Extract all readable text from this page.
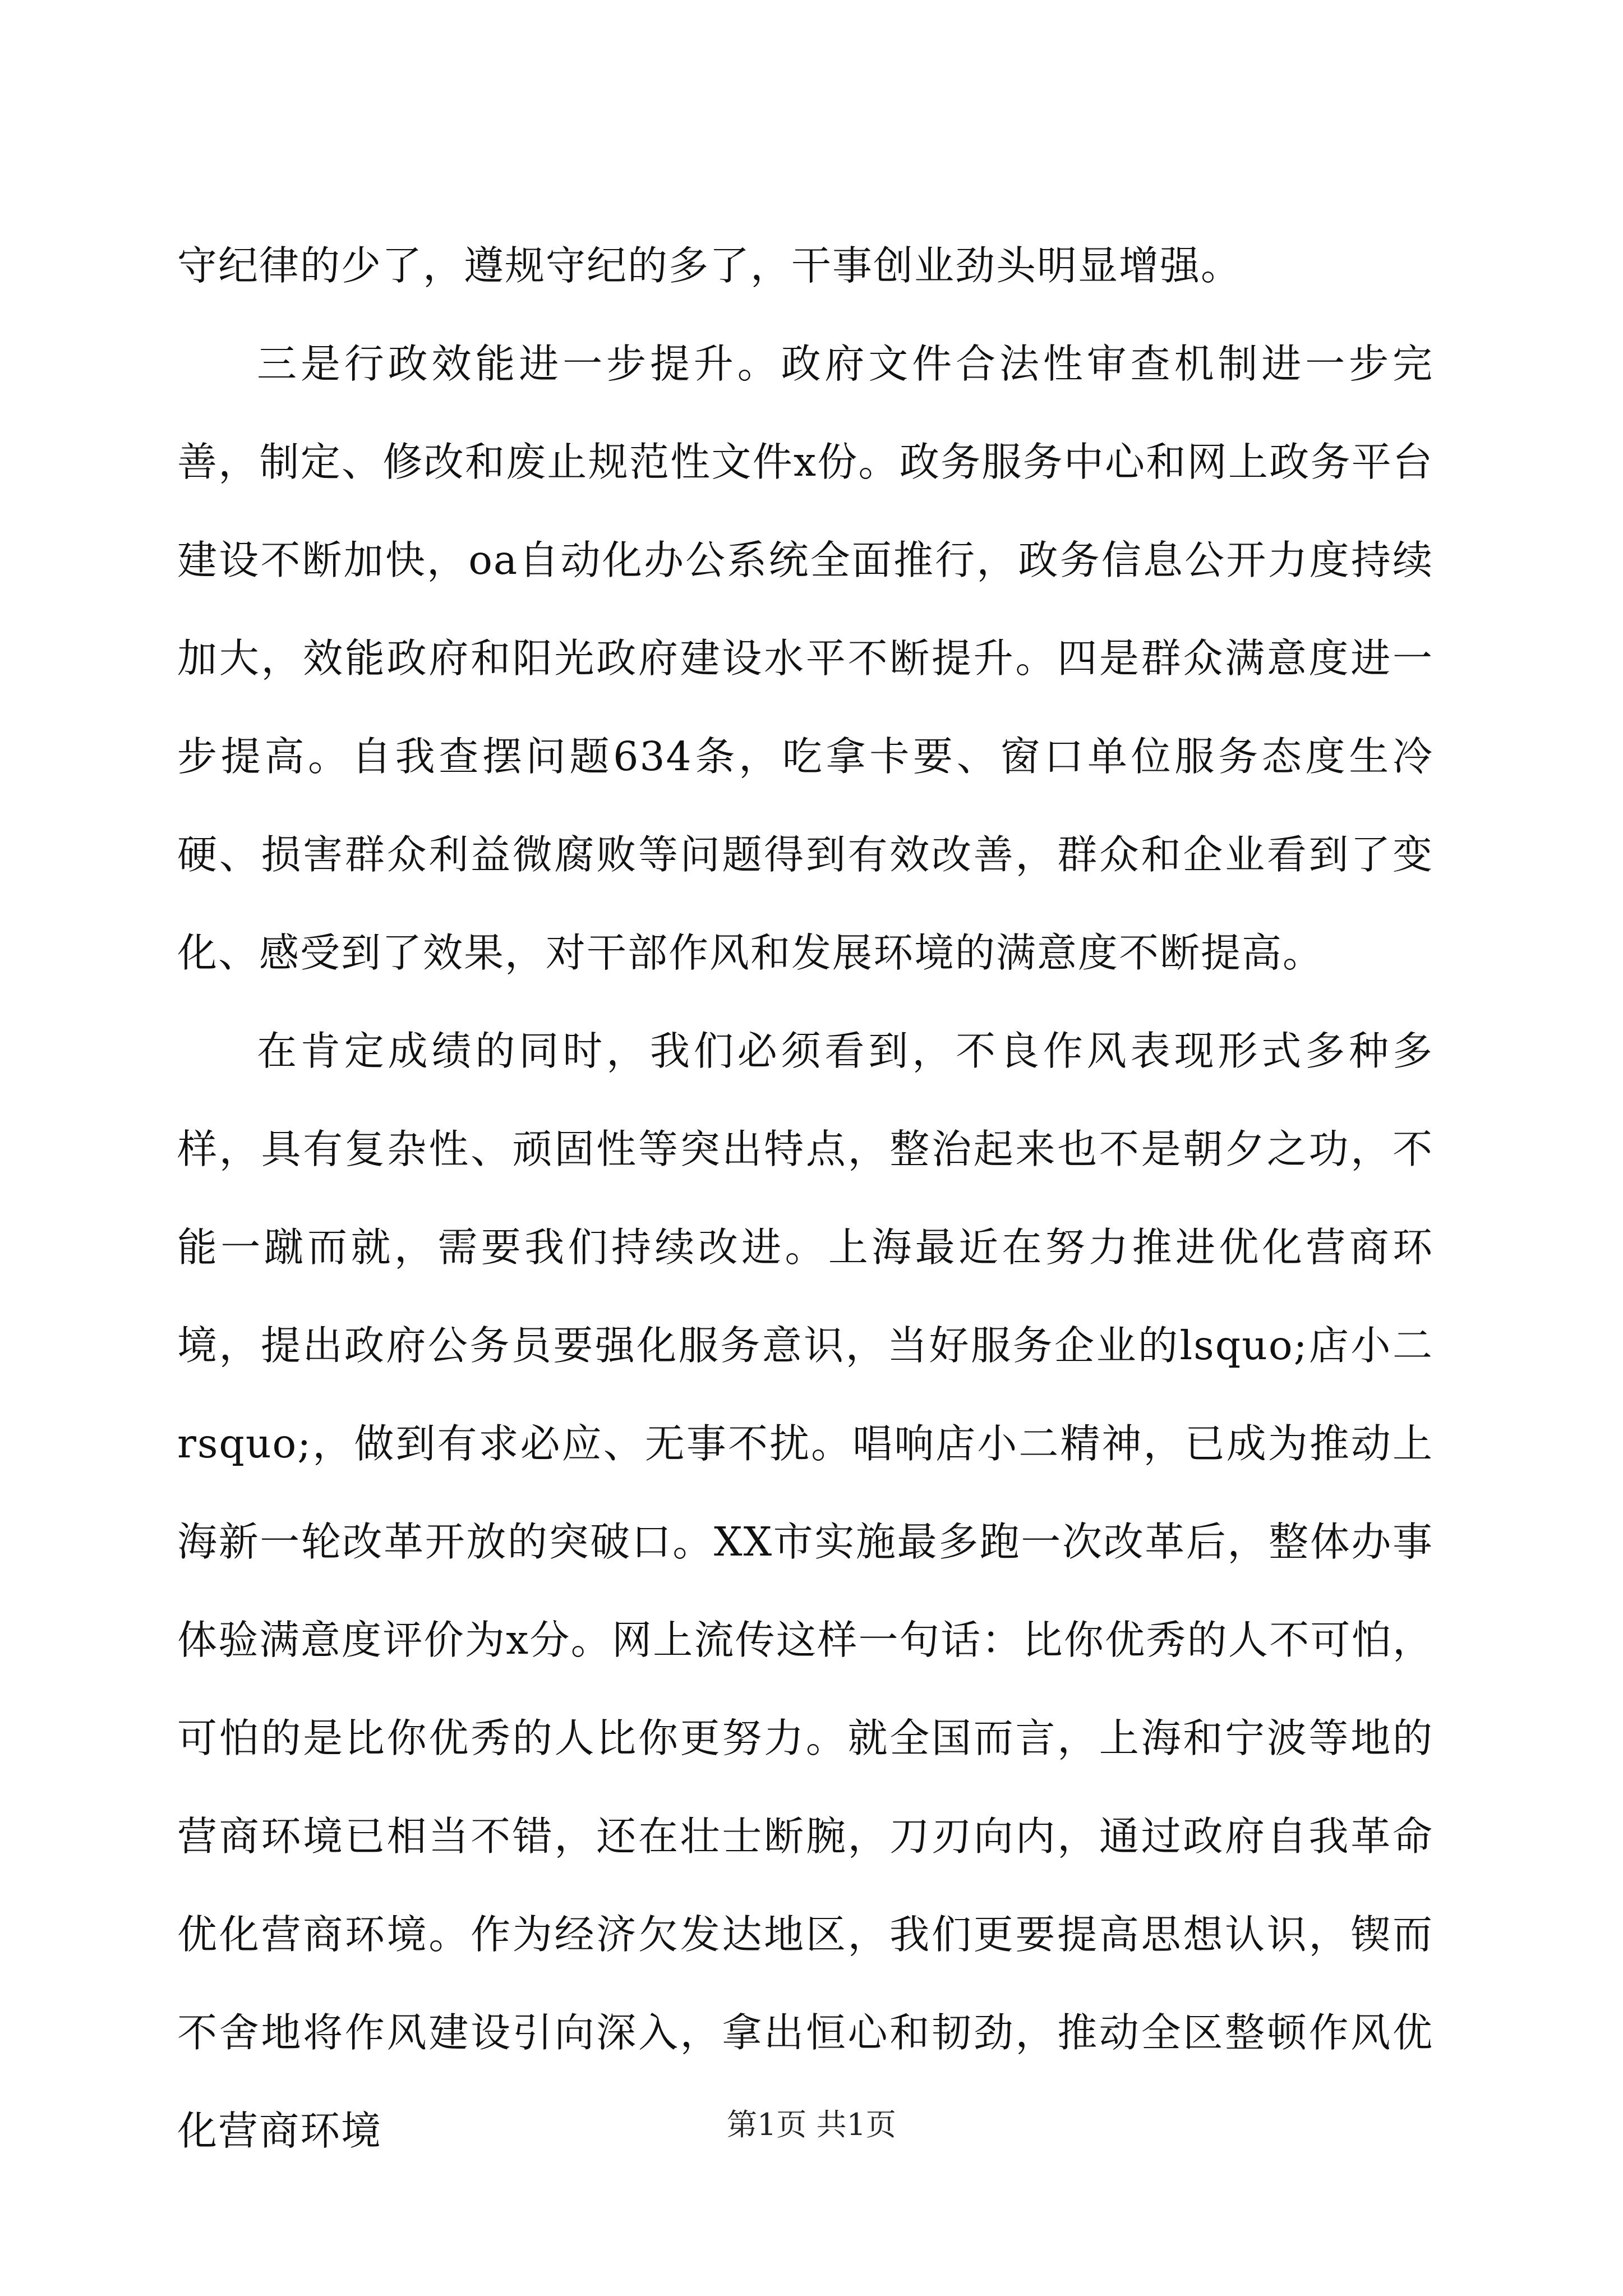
守纪律的少了，遵规守纪的多了，干事创业劲头明显增强。

三是行政效能进一步提升。政府文件合法性审查机制进一步完善，制定、修改和废止规范性文件x份。政务服务中心和网上政务平台建设不断加快，oa自动化办公系统全面推行，政务信息公开力度持续加大，效能政府和阳光政府建设水平不断提升。四是群众满意度进一步提高。自我查摆问题634条，吃拿卡要、窗口单位服务态度生冷硬、损害群众利益微腐败等问题得到有效改善，群众和企业看到了变化、感受到了效果，对干部作风和发展环境的满意度不断提高。

在肯定成绩的同时，我们必须看到，不良作风表现形式多种多样，具有复杂性、顽固性等突出特点，整治起来也不是朝夕之功，不能一蹴而就，需要我们持续改进。上海最近在努力推进优化营商环境，提出政府公务员要强化服务意识，当好服务企业的lsquo;店小二rsquo;，做到有求必应、无事不扰。唱响店小二精神，已成为推动上海新一轮改革开放的突破口。XX市实施最多跑一次改革后，整体办事体验满意度评价为x分。网上流传这样一句话：比你优秀的人不可怕，可怕的是比你优秀的人比你更努力。就全国而言，上海和宁波等地的营商环境已相当不错，还在壮士断腕，刀刃向内，通过政府自我革命优化营商环境。作为经济欠发达地区，我们更要提高思想认识，锲而不舍地将作风建设引向深入，拿出恒心和韧劲，推动全区整顿作风优化营商环境	第1页 共1页
